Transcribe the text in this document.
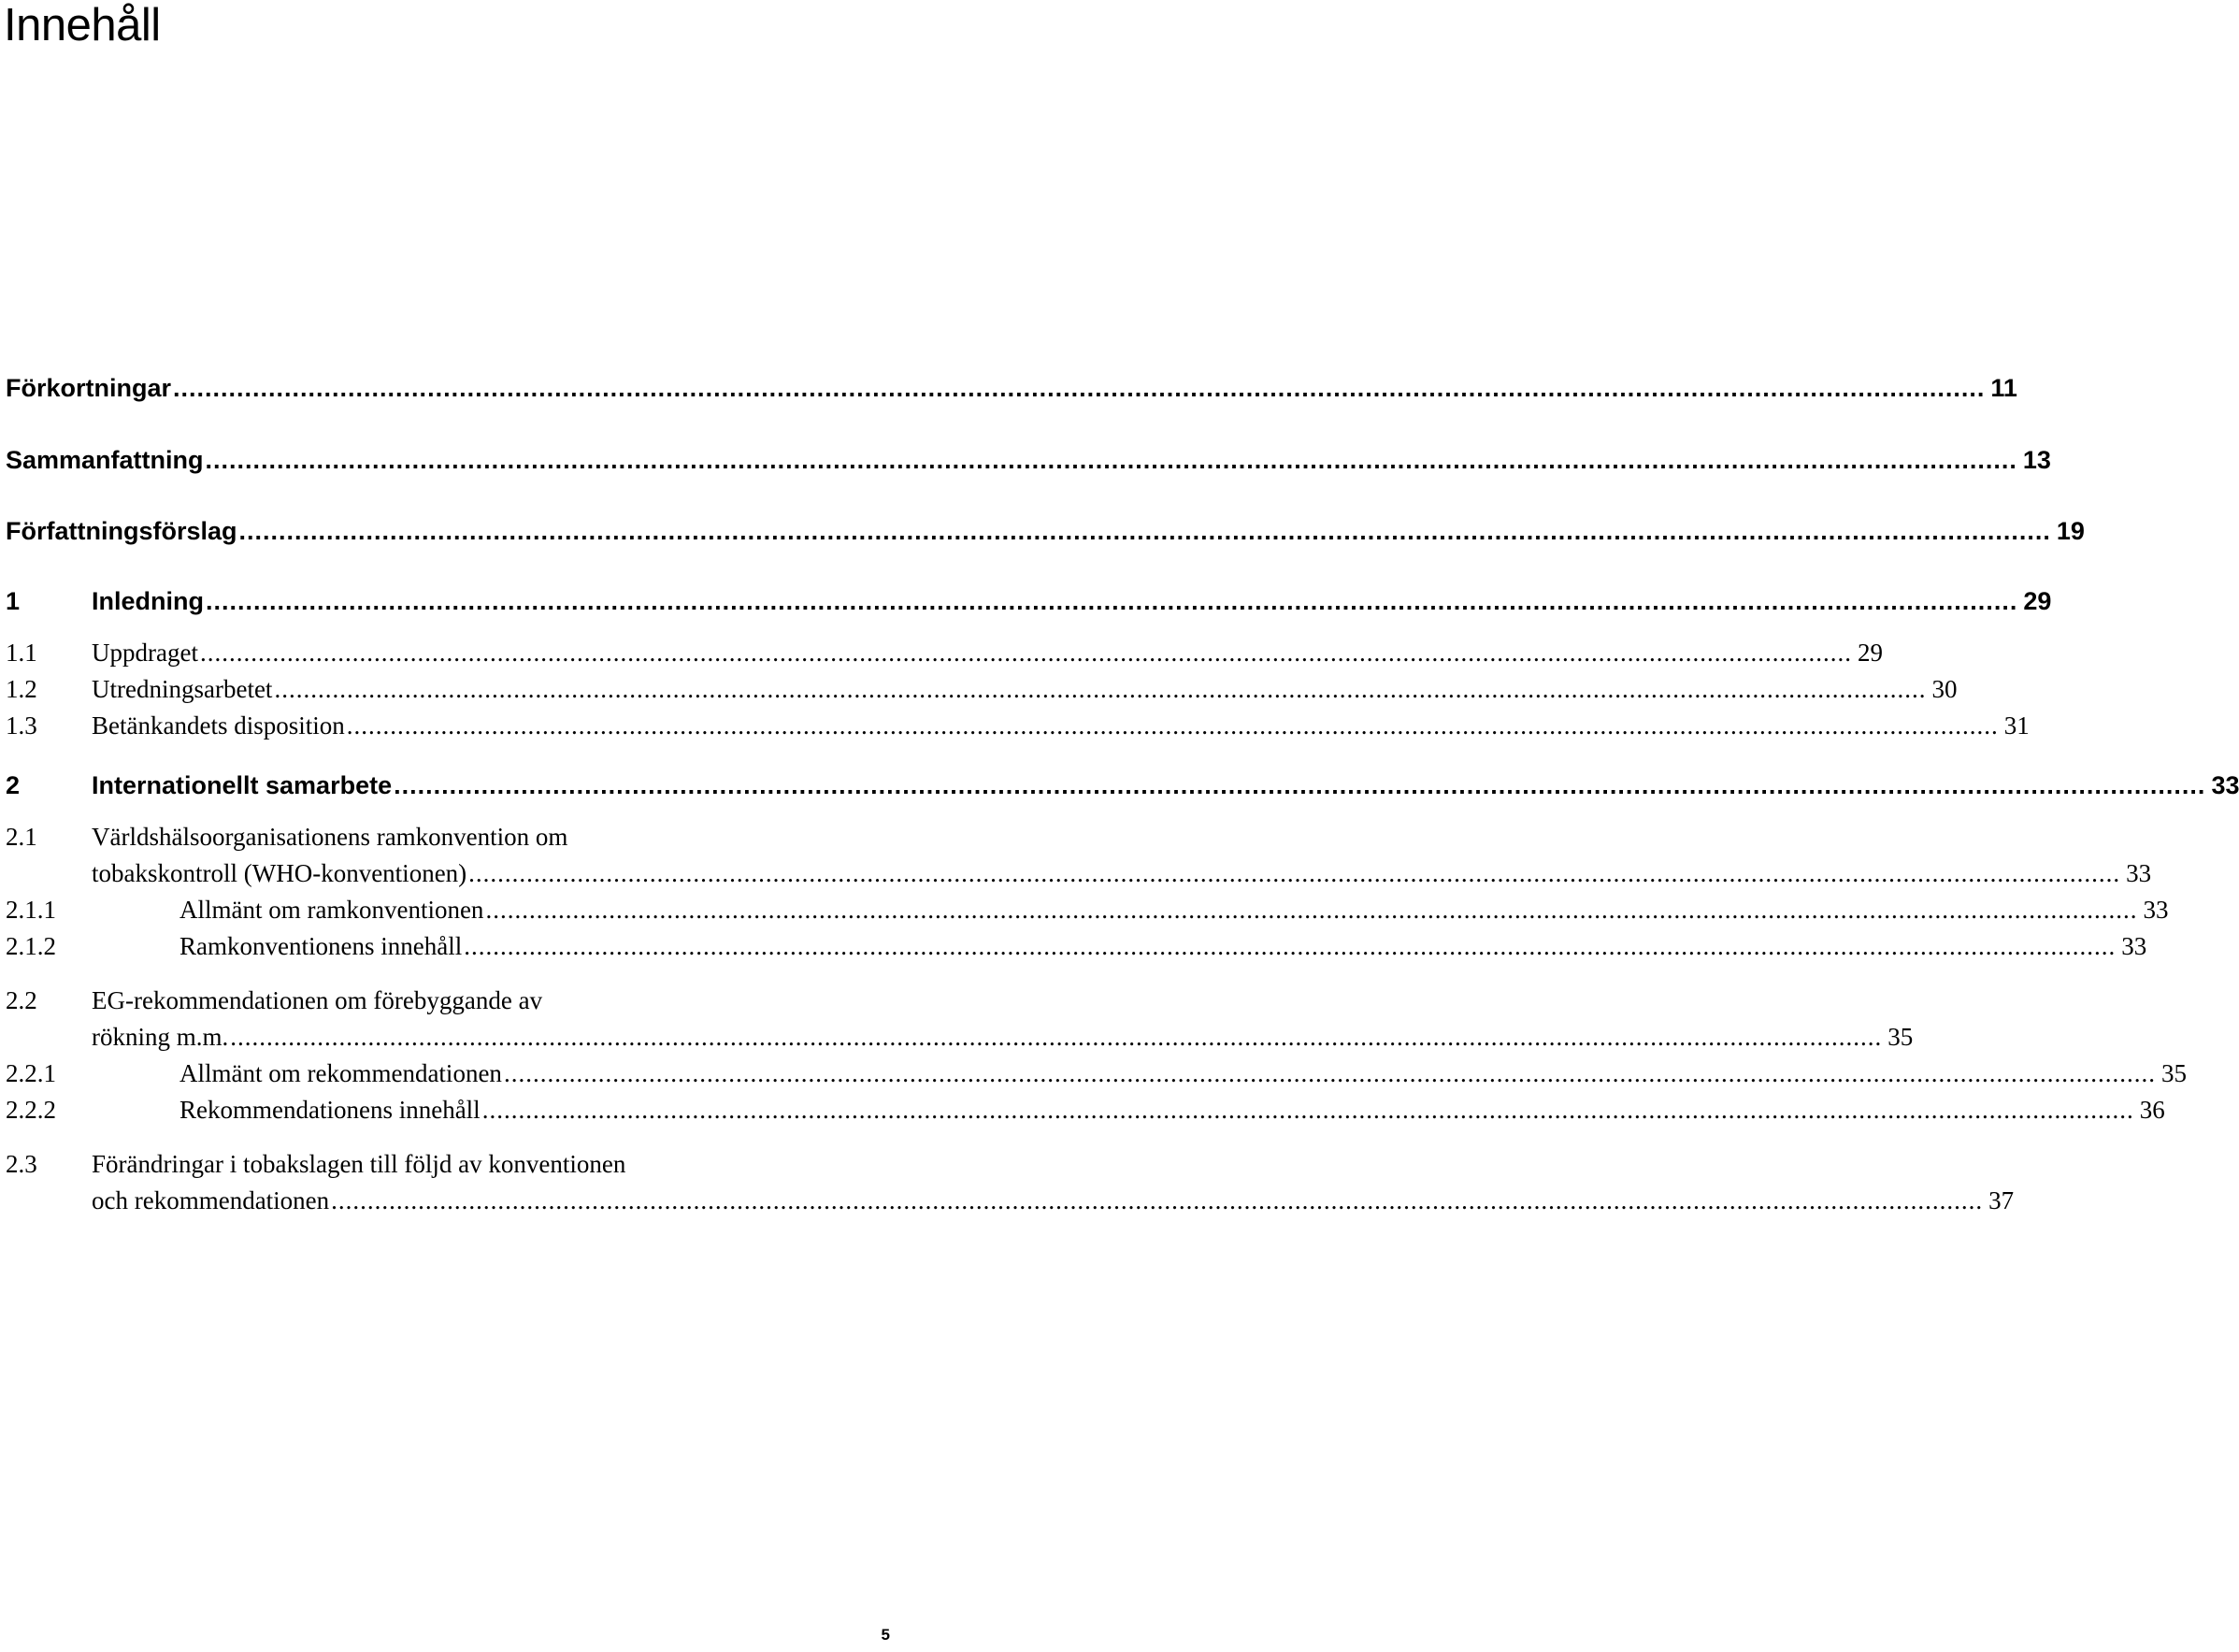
Innehåll
Förkortningar .................................................................................................................................................................................................................................... 11
Sammanfattning .................................................................................................................................................................................................................................... 13
Författningsförslag .................................................................................................................................................................................................................................... 19
1	Inledning .................................................................................................................................................................................................................................... 29
1.1 Uppdraget .................................................................................................................................................................................................................................... 29
1.2 Utredningsarbetet .................................................................................................................................................................................................................................... 30
1.3 Betänkandets disposition .................................................................................................................................................................................................................................... 31
2	Internationellt samarbete .................................................................................................................................................................................................................................... 33
2.1 Världshälsoorganisationens ramkonvention om
tobakskontroll (WHO-konventionen) .................................................................................................................................................................................................................................... 33
2.1.1	Allmänt om ramkonventionen .................................................................................................................................................................................................................................... 33
2.1.2	Ramkonventionens innehåll .................................................................................................................................................................................................................................... 33
2.2 EG-rekommendationen om förebyggande av
rökning m.m. .................................................................................................................................................................................................................................... 35
2.2.1	Allmänt om rekommendationen .................................................................................................................................................................................................................................... 35
2.2.2	Rekommendationens innehåll .................................................................................................................................................................................................................................... 36
2.3 Förändringar i tobakslagen till följd av konventionen
och rekommendationen .................................................................................................................................................................................................................................... 37
5
